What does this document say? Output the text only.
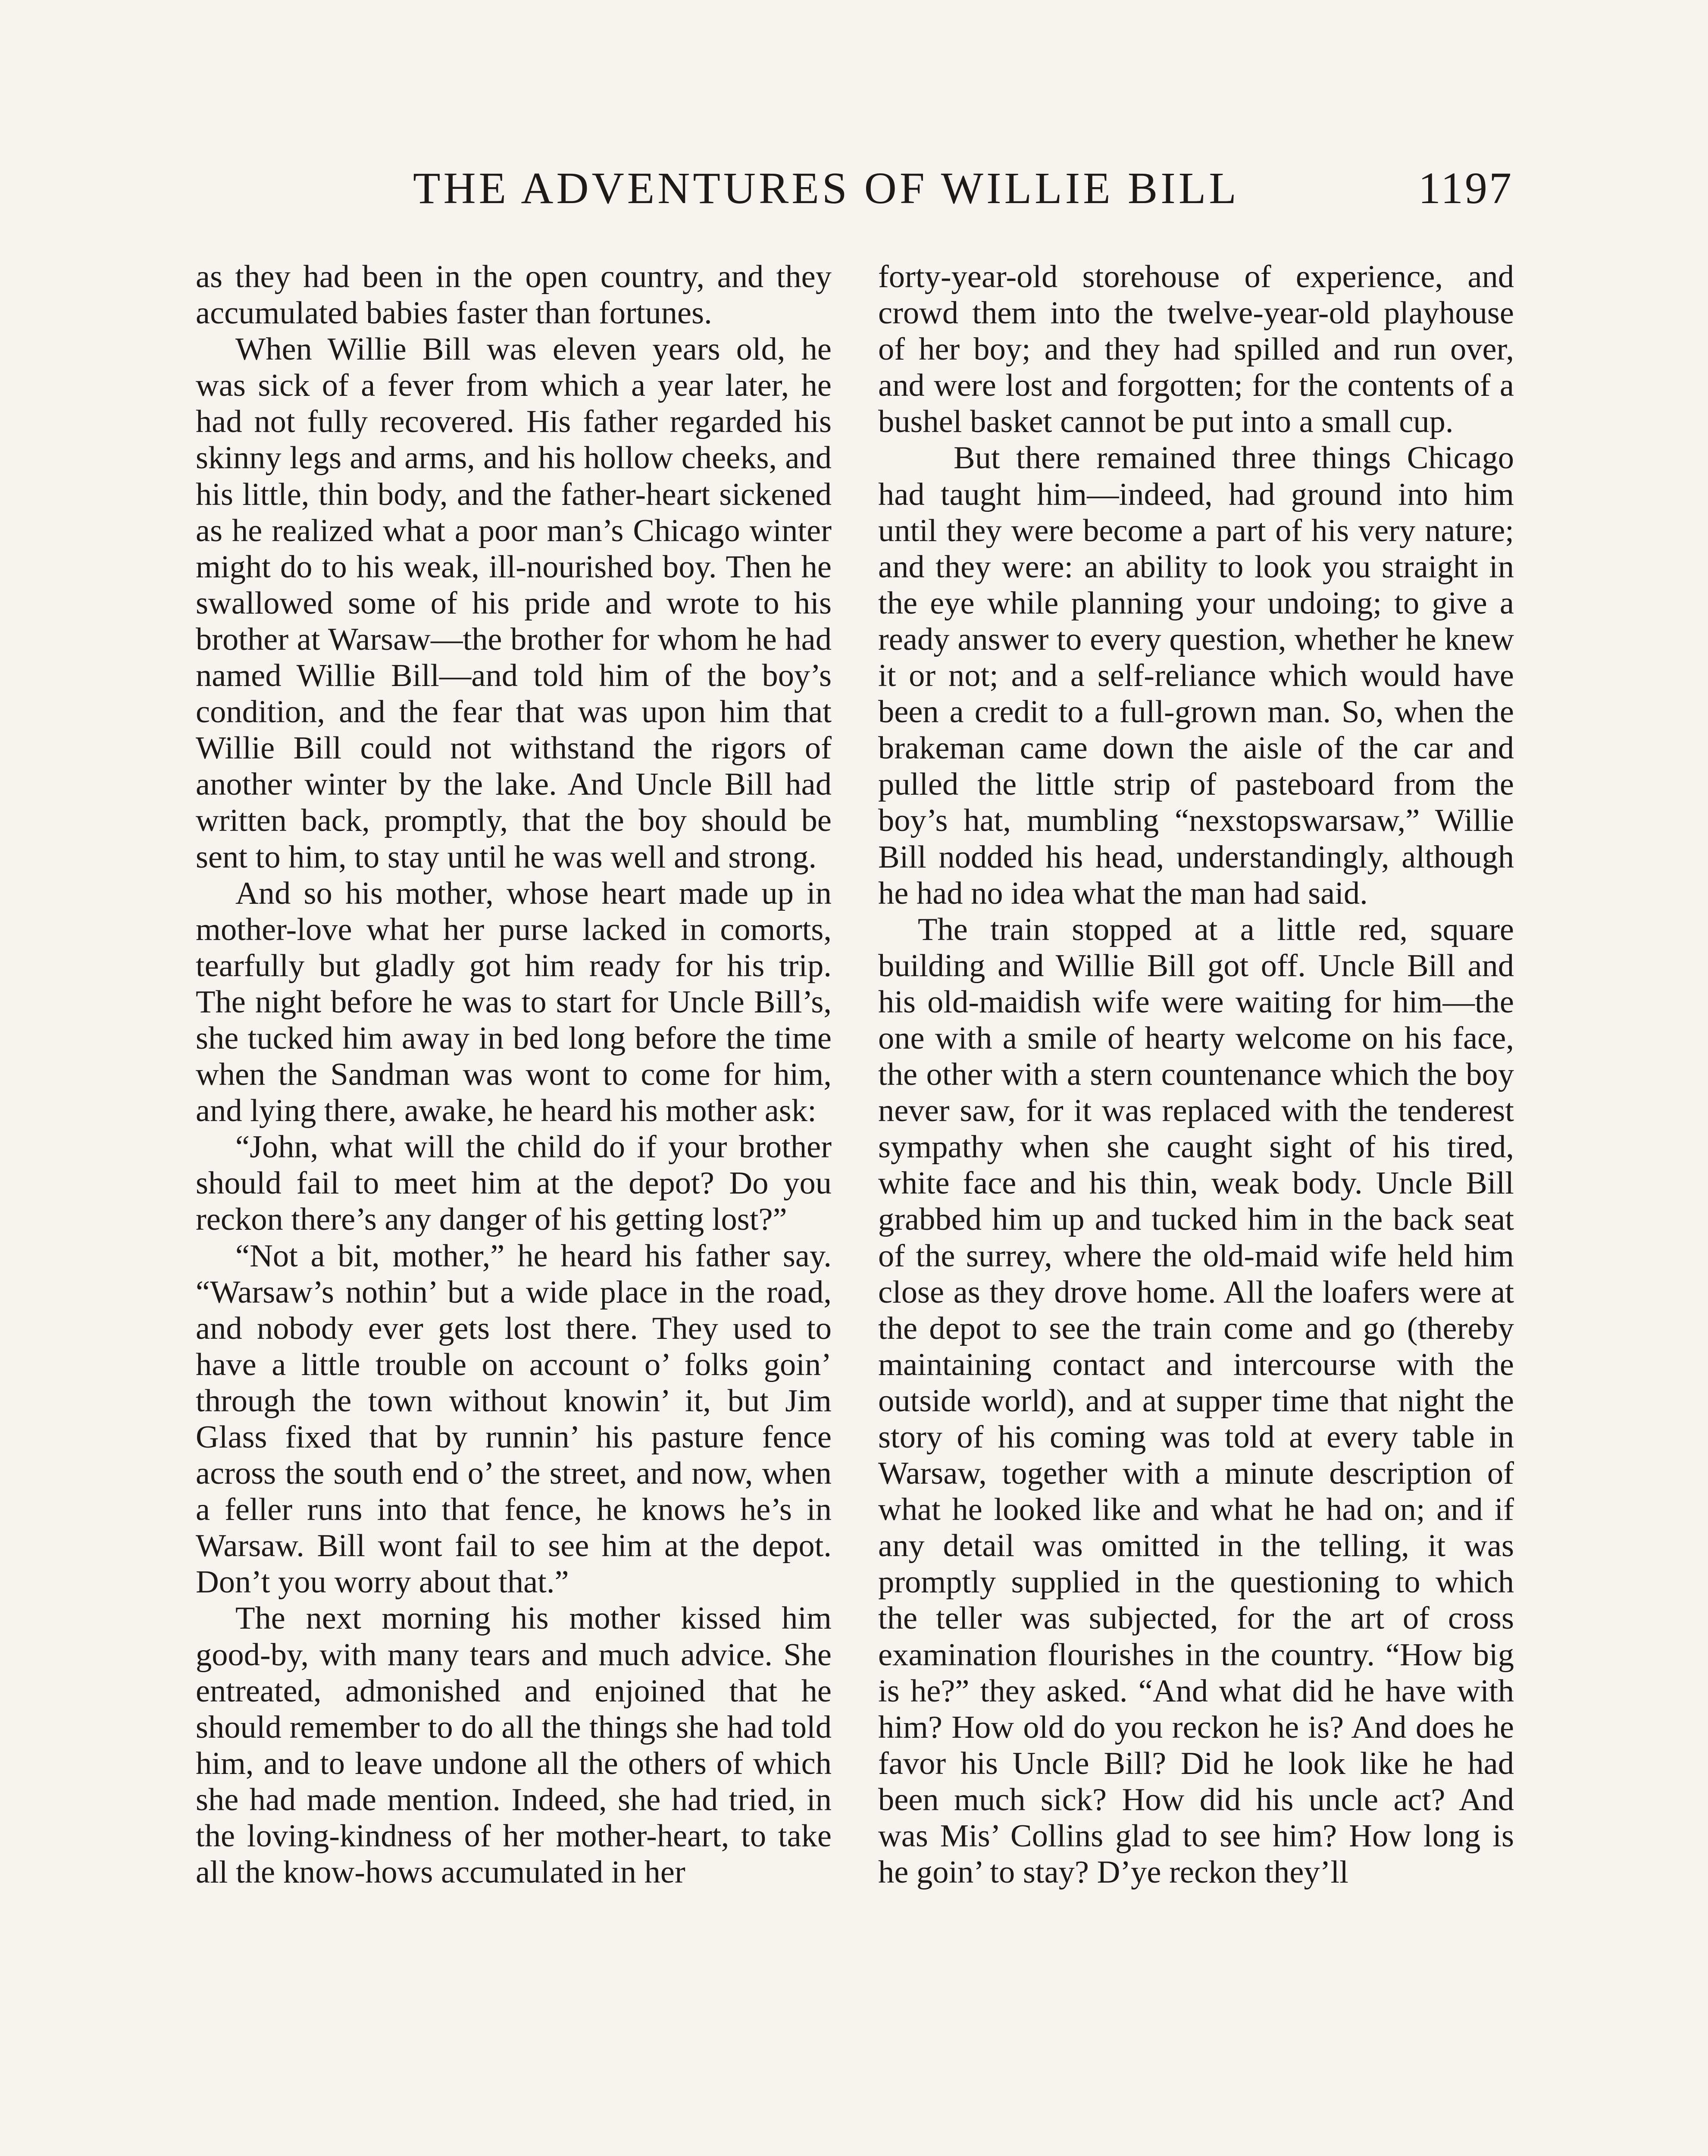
THE ADVENTURES OF WILLIE BILL	1197

as they had been in the open country, and they accumulated babies faster than fortunes.

When Willie Bill was eleven years old, he was sick of a fever from which a year later, he had not fully recovered. His father regarded his skinny legs and arms, and his hollow cheeks, and his little, thin body, and the father-heart sickened as he realized what a poor man’s Chicago winter might do to his weak, ill-nourished boy. Then he swallowed some of his pride and wrote to his brother at Warsaw—the brother for whom he had named Willie Bill—and told him of the boy’s condition, and the fear that was upon him that Willie Bill could not withstand the rigors of another winter by the lake. And Uncle Bill had written back, promptly, that the boy should be sent to him, to stay until he was well and strong.

And so his mother, whose heart made up in mother-love what her purse lacked in comorts, tearfully but gladly got him ready for his trip. The night before he was to start for Uncle Bill’s, she tucked him away in bed long before the time when the Sandman was wont to come for him, and lying there, awake, he heard his mother ask:

“John, what will the child do if your brother should fail to meet him at the depot? Do you reckon there’s any danger of his getting lost?”

“Not a bit, mother,” he heard his father say. “Warsaw’s nothin’ but a wide place in the road, and nobody ever gets lost there. They used to have a little trouble on account o’ folks goin’ through the town without knowin’ it, but Jim Glass fixed that by runnin’ his pasture fence across the south end o’ the street, and now, when a feller runs into that fence, he knows he’s in Warsaw. Bill wont fail to see him at the depot. Don’t you worry about that.”

The next morning his mother kissed him good-by, with many tears and much advice. She entreated, admonished and enjoined that he should remember to do all the things she had told him, and to leave undone all the others of which she had made mention. Indeed, she had tried, in the loving-kindness of her mother-heart, to take all the know-hows accumulated in her

forty-year-old storehouse of experience, and crowd them into the twelve-year-old playhouse of her boy; and they had spilled and run over, and were lost and forgotten; for the contents of a bushel basket cannot be put into a small cup.

But there remained three things Chicago had taught him—indeed, had ground into him until they were become a part of his very nature; and they were: an ability to look you straight in the eye while planning your undoing; to give a ready answer to every question, whether he knew it or not; and a self-reliance which would have been a credit to a full-grown man. So, when the brakeman came down the aisle of the car and pulled the little strip of pasteboard from the boy’s hat, mumbling “nexstopswarsaw,” Willie Bill nodded his head, understandingly, although he had no idea what the man had said.

The train stopped at a little red, square building and Willie Bill got off. Uncle Bill and his old-maidish wife were waiting for him—the one with a smile of hearty welcome on his face, the other with a stern countenance which the boy never saw, for it was replaced with the tenderest sympathy when she caught sight of his tired, white face and his thin, weak body. Uncle Bill grabbed him up and tucked him in the back seat of the surrey, where the old-maid wife held him close as they drove home. All the loafers were at the depot to see the train come and go (thereby maintaining contact and intercourse with the outside world), and at supper time that night the story of his coming was told at every table in Warsaw, together with a minute description of what he looked like and what he had on; and if any detail was omitted in the telling, it was promptly supplied in the questioning to which the teller was subjected, for the art of cross examination flourishes in the country. “How big is he?” they asked. “And what did he have with him? How old do you reckon he is? And does he favor his Uncle Bill? Did he look like he had been much sick? How did his uncle act? And was Mis’ Collins glad to see him? How long is he goin’ to stay? D’ye reckon they’ll
